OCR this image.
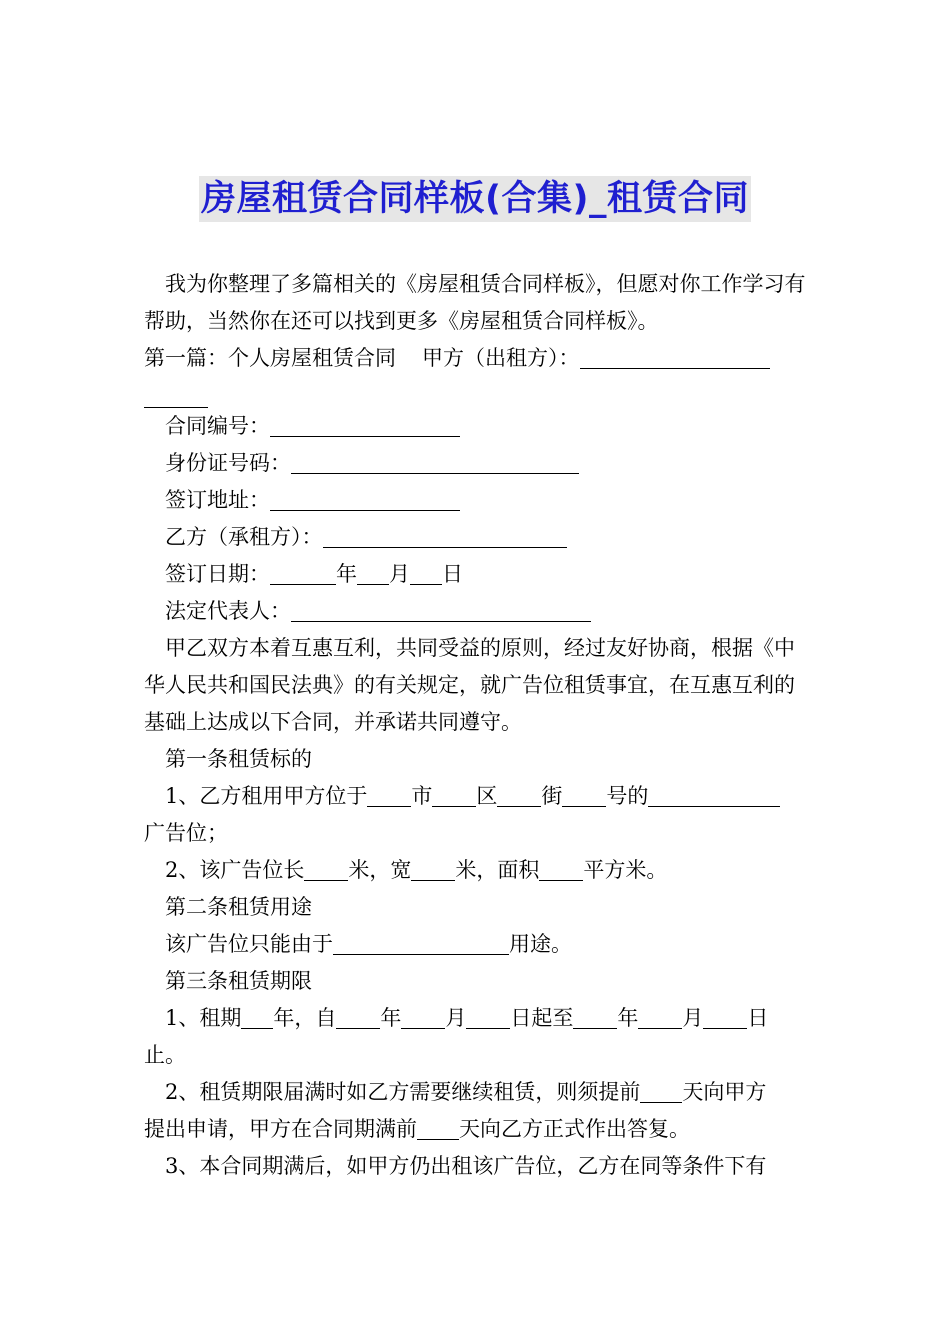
房屋租赁合同样板(合集)_租赁合同

我为你整理了多篇相关的《房屋租赁合同样板》，但愿对你工作学习有帮助，当然你在还可以找到更多《房屋租赁合同样板》。

第一篇：个人房屋租赁合同 甲方（出租方）：

合同编号：

身份证号码：

签订地址：

乙方（承租方）：

签订日期：	年 月 日

法定代表人：

甲乙双方本着互惠互利，共同受益的原则，经过友好协商，根据《中华人民共和国民法典》的有关规定，就广告位租赁事宜，在互惠互利的基础上达成以下合同，并承诺共同遵守。

第一条租赁标的

1、乙方租用甲方位于 市 区 街 号的

广告位；

2、该广告位长 米，宽 米，面积 平方米。

第二条租赁用途

该广告位只能由于	用途。

第三条租赁期限

1、租期 年，自 年 月 日起至 年 月 日

止。

2、租赁期限届满时如乙方需要继续租赁，则须提前 天向甲方

提出申请，甲方在合同期满前 天向乙方正式作出答复。

3、本合同期满后，如甲方仍出租该广告位，乙方在同等条件下有
